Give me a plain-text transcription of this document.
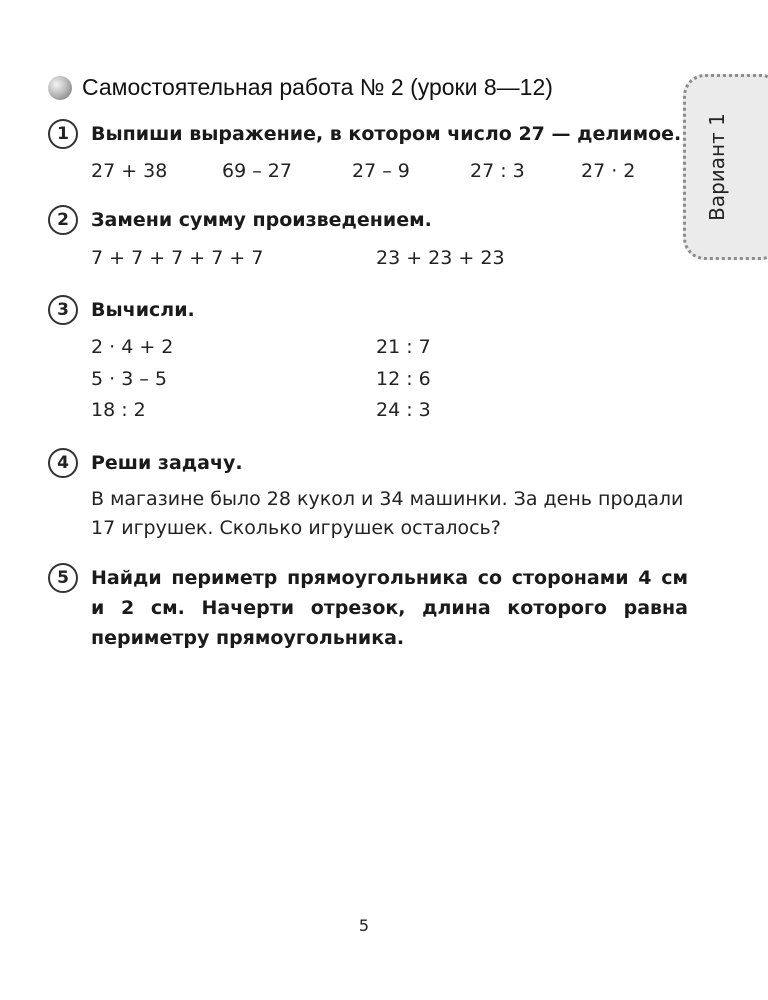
Самостоятельная работа № 2 (уроки 8—12)
Вариант 1
1	Выпиши выражение, в котором число 27 — делимое.
27 + 38	69 – 27	27 – 9	27 : 3	27 · 2
2	Замени сумму произведением.
7 + 7 + 7 + 7 + 7	23 + 23 + 23
3	Вычисли.
2 · 4 + 2	21 : 7
5 · 3 – 5	12 : 6
18 : 2	24 : 3
4	Реши задачу.
В магазине было 28 кукол и 34 машинки. За день продали 17 игрушек. Сколько игрушек осталось?
5	Найди периметр прямоугольника со сторонами 4 см и 2 см. Начерти отрезок, длина которого равна периметру прямоугольника.
5
